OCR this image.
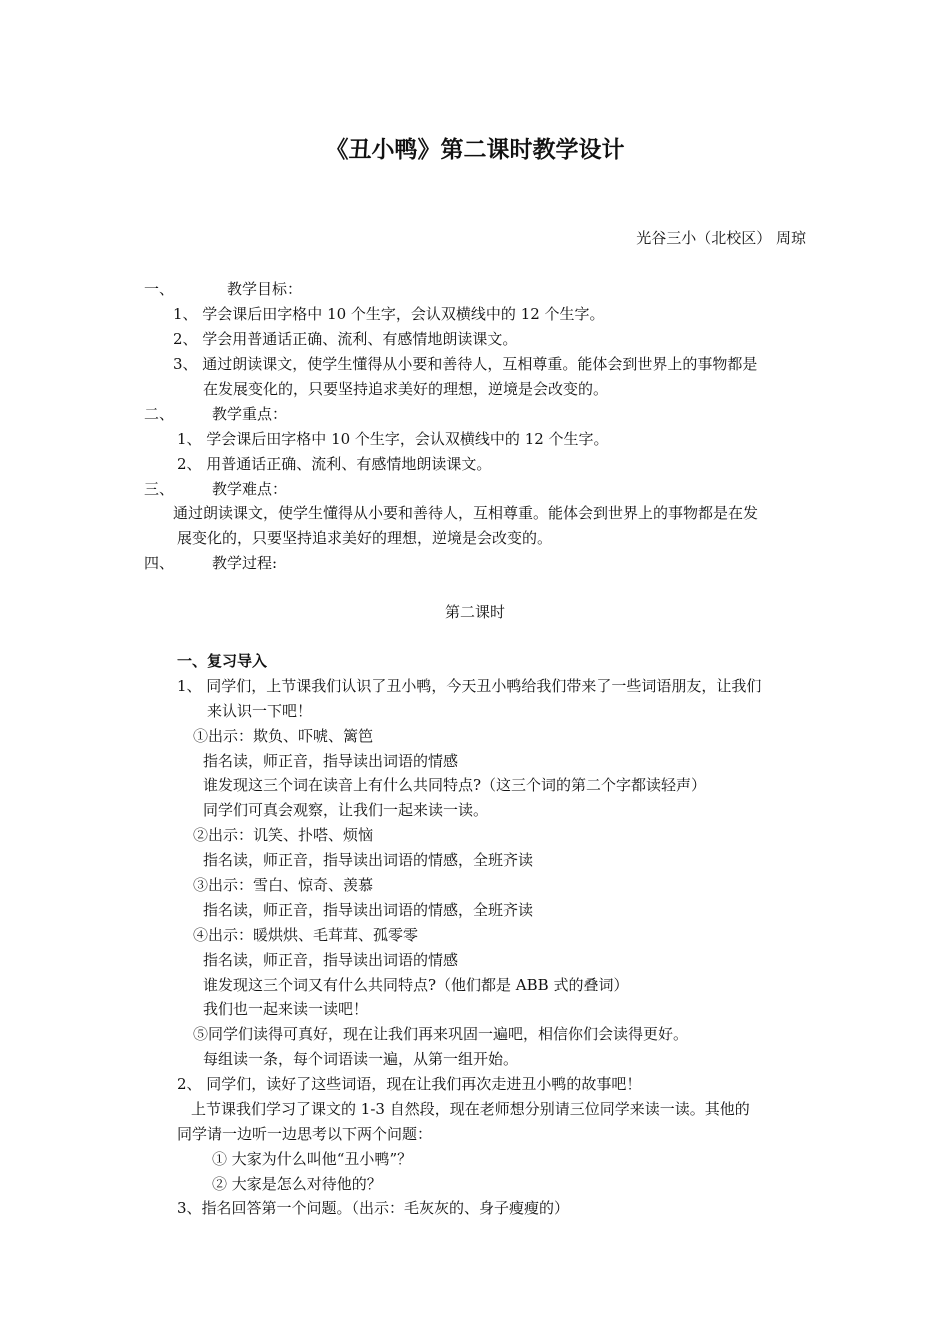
《丑小鸭》第二课时教学设计
光谷三小（北校区） 周琼
一、	教学目标：
1、 学会课后田字格中 10 个生字，会认双横线中的 12 个生字。
2、 学会用普通话正确、流利、有感情地朗读课文。
3、 通过朗读课文，使学生懂得从小要和善待人，互相尊重。能体会到世界上的事物都是
在发展变化的，只要坚持追求美好的理想，逆境是会改变的。
二、	教学重点：
1、 学会课后田字格中 10 个生字，会认双横线中的 12 个生字。
2、 用普通话正确、流利、有感情地朗读课文。
三、	教学难点：
通过朗读课文，使学生懂得从小要和善待人，互相尊重。能体会到世界上的事物都是在发
展变化的，只要坚持追求美好的理想，逆境是会改变的。
四、	教学过程:
第二课时
一、复习导入
1、 同学们，上节课我们认识了丑小鸭，今天丑小鸭给我们带来了一些词语朋友，让我们
来认识一下吧！
①出示：欺负、吓唬、篱笆
指名读，师正音，指导读出词语的情感
谁发现这三个词在读音上有什么共同特点?（这三个词的第二个字都读轻声）
同学们可真会观察，让我们一起来读一读。
②出示：讥笑、扑嗒、烦恼
指名读，师正音，指导读出词语的情感，全班齐读
③出示：雪白、惊奇、羡慕
指名读，师正音，指导读出词语的情感，全班齐读
④出示：暖烘烘、毛茸茸、孤零零
指名读，师正音，指导读出词语的情感
谁发现这三个词又有什么共同特点?（他们都是 ABB 式的叠词）
我们也一起来读一读吧！
⑤同学们读得可真好，现在让我们再来巩固一遍吧，相信你们会读得更好。
每组读一条，每个词语读一遍，从第一组开始。
2、 同学们，读好了这些词语，现在让我们再次走进丑小鸭的故事吧！
上节课我们学习了课文的 1-3 自然段，现在老师想分别请三位同学来读一读。其他的
同学请一边听一边思考以下两个问题：
① 大家为什么叫他“丑小鸭”？
② 大家是怎么对待他的？
3、指名回答第一个问题。（出示：毛灰灰的、身子瘦瘦的）
